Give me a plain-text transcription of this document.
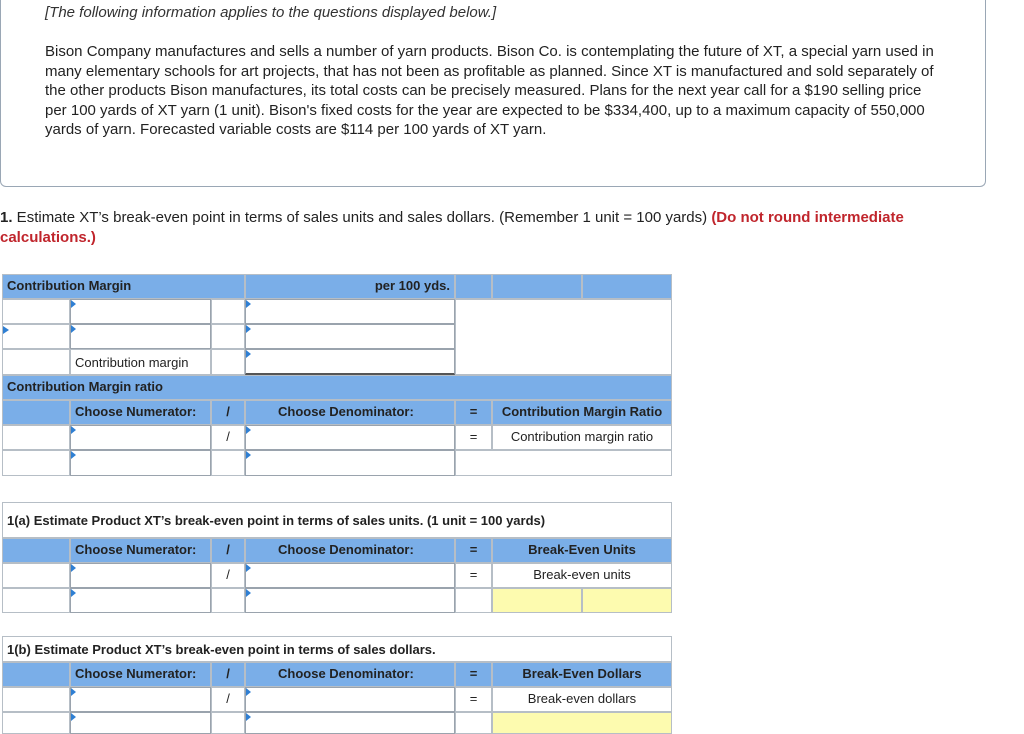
[The following information applies to the questions displayed below.]
Bison Company manufactures and sells a number of yarn products. Bison Co. is contemplating the future of XT, a special yarn used in many elementary schools for art projects, that has not been as profitable as planned. Since XT is manufactured and sold separately of the other products Bison manufactures, its total costs can be precisely measured. Plans for the next year call for a $190 selling price per 100 yards of XT yarn (1 unit). Bison's fixed costs for the year are expected to be $334,400, up to a maximum capacity of 550,000 yards of yarn. Forecasted variable costs are $114 per 100 yards of XT yarn.
1. Estimate XT’s break-even point in terms of sales units and sales dollars. (Remember 1 unit = 100 yards) (Do not round intermediate calculations.)
Contribution Margin	per 100 yds.
Contribution margin
Contribution Margin ratio
Choose Numerator:	/	Choose Denominator:	=	Contribution Margin Ratio
/	=	Contribution margin ratio
1(a) Estimate Product XT’s break-even point in terms of sales units. (1 unit = 100 yards)
Choose Numerator:	/	Choose Denominator:	=	Break-Even Units
/	=	Break-even units
1(b) Estimate Product XT’s break-even point in terms of sales dollars.
Choose Numerator:	/	Choose Denominator:	=	Break-Even Dollars
/	=	Break-even dollars
